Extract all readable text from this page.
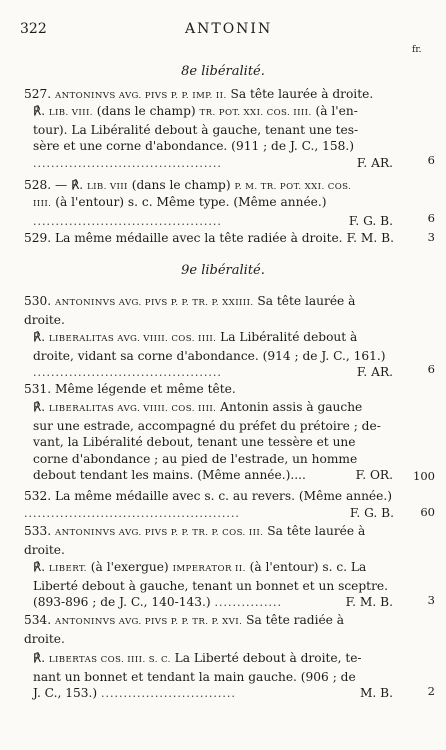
322	ANTONIN
fr.
8e libéralité.
527. ANTONINVS AVG. PIVS P. P. IMP. II. Sa tête laurée à droite.
℟. LIB. VIII. (dans le champ) TR. POT. XXI. COS. IIII. (à l'en-
tour). La Libéralité debout à gauche, tenant une tes-
sère et une corne d'abondance. (911 ; de J. C., 158.)
..........................................	F. AR.	6
528. — ℟. LIB. VIII (dans le champ) P. M. TR. POT. XXI. COS.
IIII. (à l'entour) s. c. Même type. (Même année.)
..........................................	F. G. B.	6
529. La même médaille avec la tête radiée à droite. F. M. B.	3
9e libéralité.
530. ANTONINVS AVG. PIVS P. P. TR. P. XXIIII. Sa tête laurée à
droite.
℟. LIBERALITAS AVG. VIIII. COS. IIII. La Libéralité debout à
droite, vidant sa corne d'abondance. (914 ; de J. C., 161.)
..........................................	F. AR.	6
531. Même légende et même tête.
℟. LIBERALITAS AVG. VIIII. COS. IIII. Antonin assis à gauche
sur une estrade, accompagné du préfet du prétoire ; de-
vant, la Libéralité debout, tenant une tessère et une
corne d'abondance ; au pied de l'estrade, un homme
debout tendant les mains. (Même année.)....	F. OR. 100
532. La même médaille avec s. c. au revers. (Même année.)
................................................	F. G. B. 60
533. ANTONINVS AVG. PIVS P. P. TR. P. COS. III. Sa tête laurée à
droite.
℟. LIBERT. (à l'exergue) IMPERATOR II. (à l'entour) s. c. La
Liberté debout à gauche, tenant un bonnet et un sceptre.
(893-896 ; de J. C., 140-143.) ...............	F. M. B.	3
534. ANTONINVS AVG. PIVS P. P. TR. P. XVI. Sa tête radiée à
droite.
℟. LIBERTAS COS. IIII. S. C. La Liberté debout à droite, te-
nant un bonnet et tendant la main gauche. (906 ; de
J. C., 153.) ..............................	M. B.	2
